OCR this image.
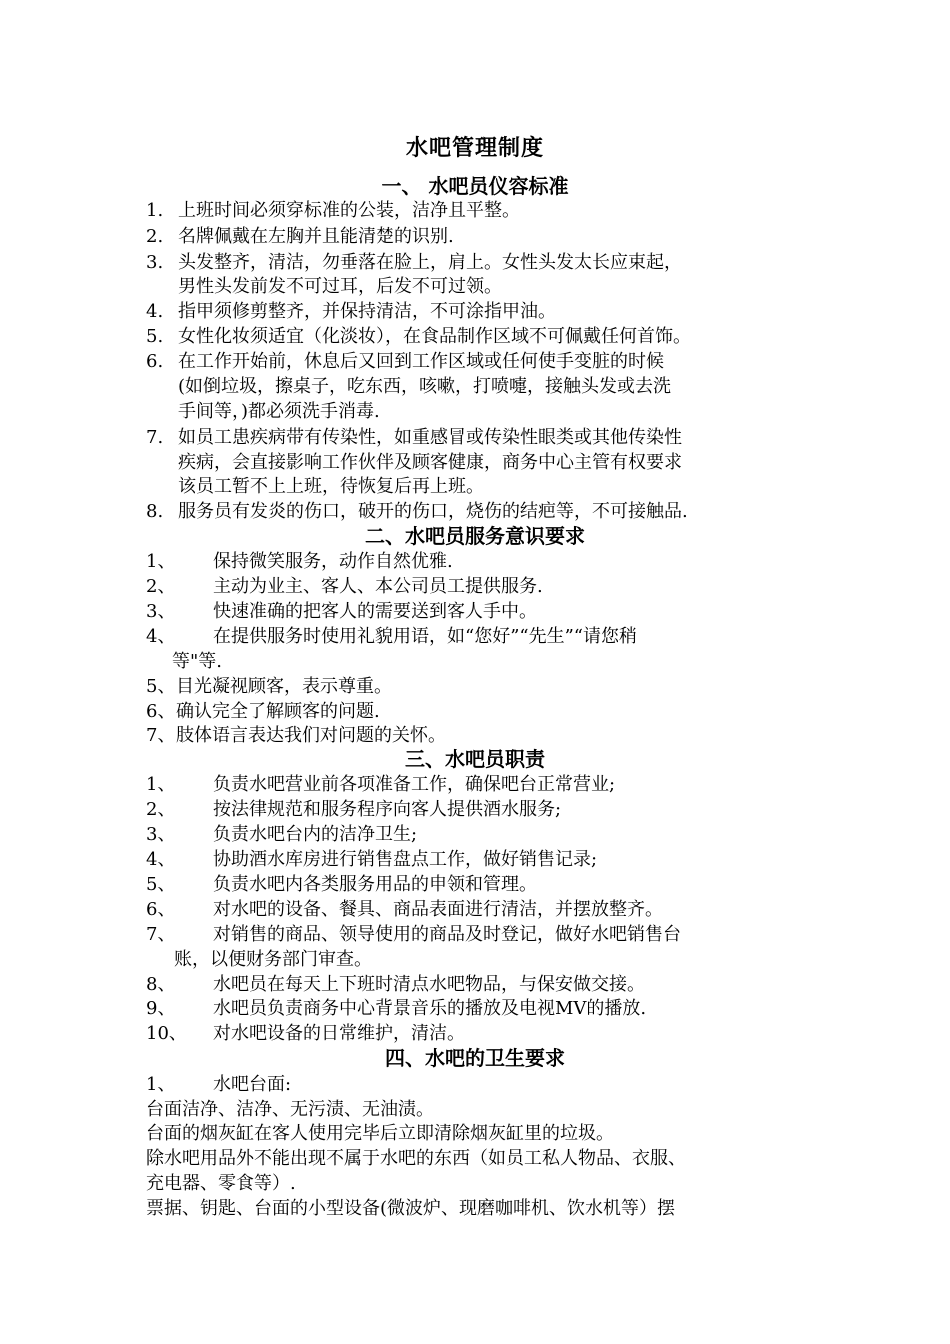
水吧管理制度
一、 水吧员仪容标准
1. 上班时间必须穿标准的公装，洁净且平整。
2. 名牌佩戴在左胸并且能清楚的识别.
3. 头发整齐，清洁，勿垂落在脸上，肩上。女性头发太长应束起，
男性头发前发不可过耳，后发不可过领。
4. 指甲须修剪整齐，并保持清洁，不可涂指甲油。
5. 女性化妆须适宜（化淡妆），在食品制作区域不可佩戴任何首饰。
6. 在工作开始前，休息后又回到工作区域或任何使手变脏的时候
(如倒垃圾，擦桌子，吃东西，咳嗽，打喷嚏，接触头发或去洗
手间等，)都必须洗手消毒.
7. 如员工患疾病带有传染性，如重感冒或传染性眼类或其他传染性
疾病，会直接影响工作伙伴及顾客健康，商务中心主管有权要求
该员工暂不上上班，待恢复后再上班。
8. 服务员有发炎的伤口，破开的伤口，烧伤的结疤等，不可接触品.
二、水吧员服务意识要求
1、 保持微笑服务，动作自然优雅.
2、 主动为业主、客人、本公司员工提供服务.
3、 快速准确的把客人的需要送到客人手中。
4、 在提供服务时使用礼貌用语，如“您好”“先生”“请您稍
等"等.
5、 目光凝视顾客，表示尊重。
6、 确认完全了解顾客的问题.
7、 肢体语言表达我们对问题的关怀。
三、水吧员职责
1、 负责水吧营业前各项准备工作，确保吧台正常营业;
2、 按法律规范和服务程序向客人提供酒水服务;
3、 负责水吧台内的洁净卫生;
4、 协助酒水库房进行销售盘点工作，做好销售记录;
5、 负责水吧内各类服务用品的申领和管理。
6、 对水吧的设备、餐具、商品表面进行清洁，并摆放整齐。
7、 对销售的商品、领导使用的商品及时登记，做好水吧销售台
账，以便财务部门审查。
8、 水吧员在每天上下班时清点水吧物品，与保安做交接。
9、 水吧员负责商务中心背景音乐的播放及电视MV的播放.
10、 对水吧设备的日常维护，清洁。
四、水吧的卫生要求
1、 水吧台面:
台面洁净、洁净、无污渍、无油渍。
台面的烟灰缸在客人使用完毕后立即清除烟灰缸里的垃圾。
除水吧用品外不能出现不属于水吧的东西（如员工私人物品、衣服、
充电器、零食等）.
票据、钥匙、台面的小型设备(微波炉、现磨咖啡机、饮水机等）摆
